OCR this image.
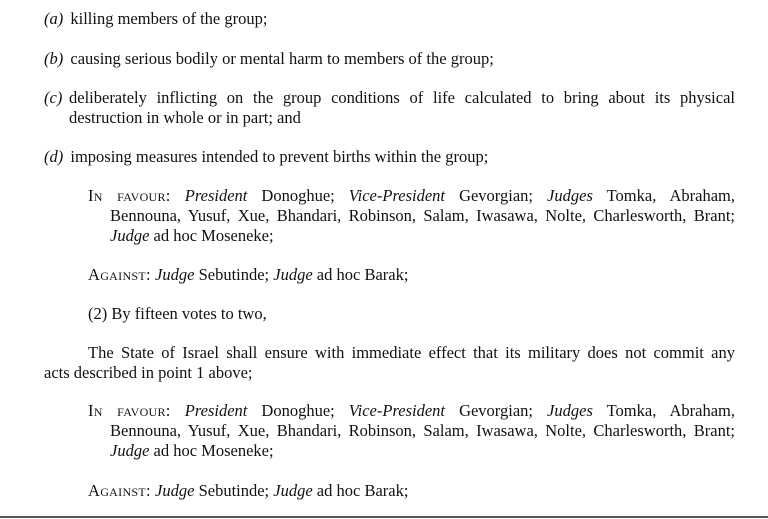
(a) killing members of the group;
(b) causing serious bodily or mental harm to members of the group;
(c) deliberately inflicting on the group conditions of life calculated to bring about its physical
destruction in whole or in part; and
(d) imposing measures intended to prevent births within the group;
In favour: President Donoghue; Vice-President Gevorgian; Judges Tomka, Abraham,
Bennouna, Yusuf, Xue, Bhandari, Robinson, Salam, Iwasawa, Nolte, Charlesworth, Brant;
Judge ad hoc Moseneke;
Against: Judge Sebutinde; Judge ad hoc Barak;
(2) By fifteen votes to two,
The State of Israel shall ensure with immediate effect that its military does not commit any
acts described in point 1 above;
In favour: President Donoghue; Vice-President Gevorgian; Judges Tomka, Abraham,
Bennouna, Yusuf, Xue, Bhandari, Robinson, Salam, Iwasawa, Nolte, Charlesworth, Brant;
Judge ad hoc Moseneke;
Against: Judge Sebutinde; Judge ad hoc Barak;
